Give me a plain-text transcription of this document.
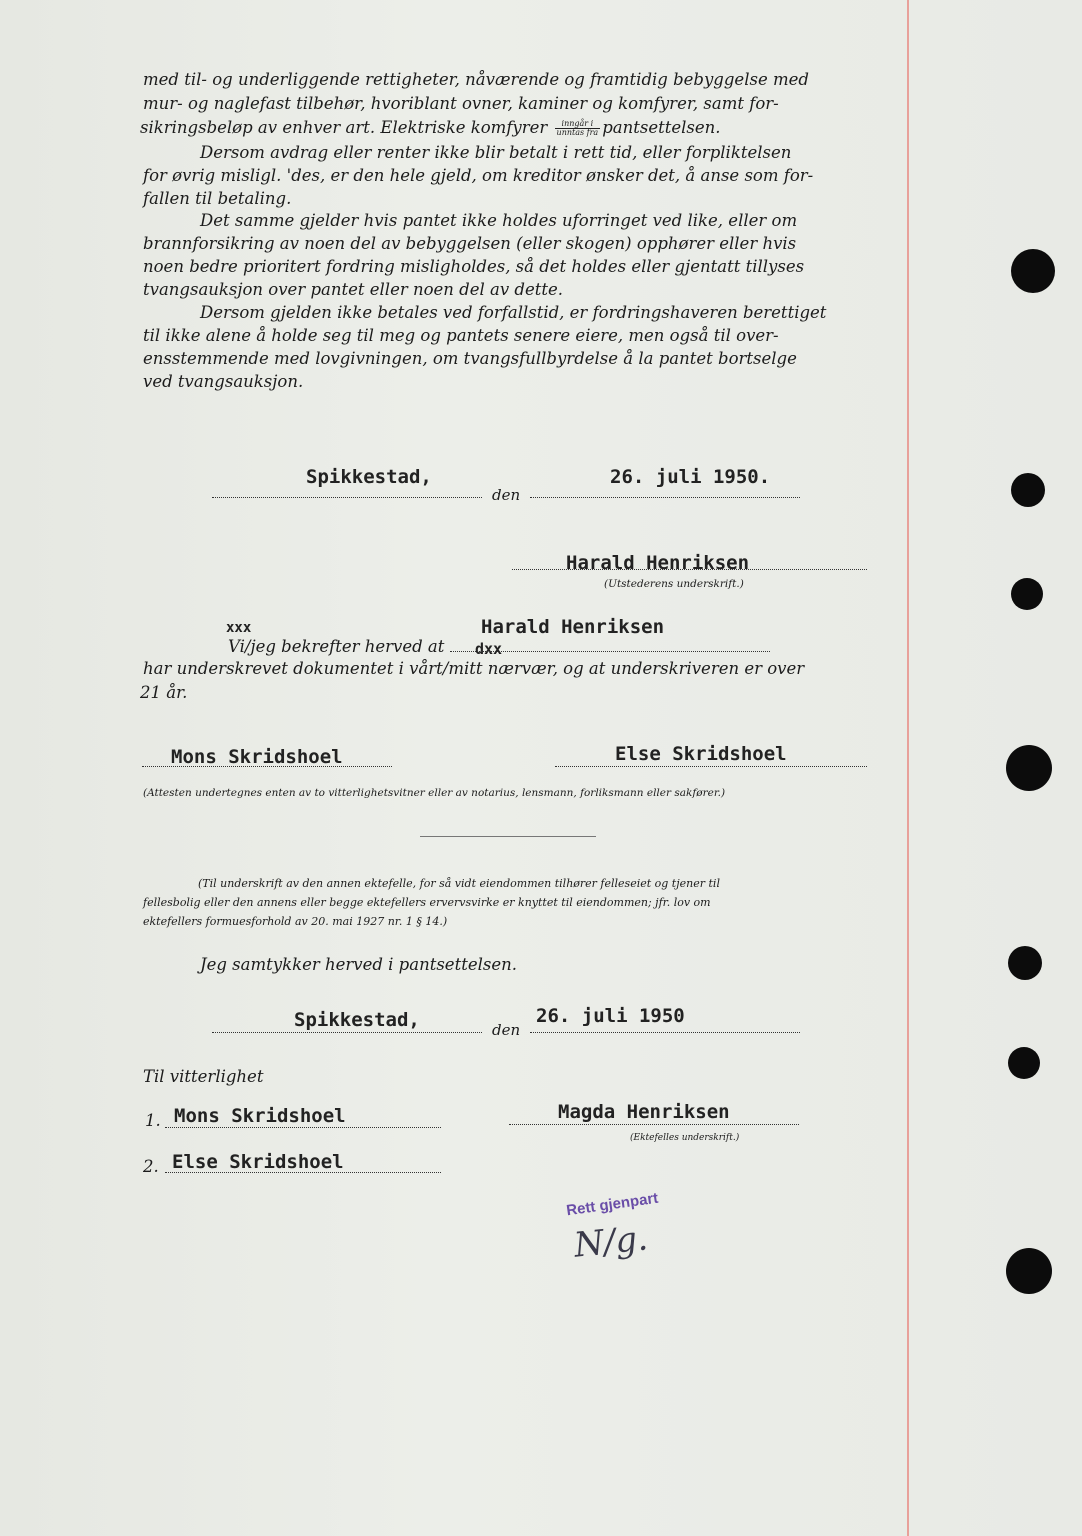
med til- og underliggende rettigheter, nåværende og framtidig bebyggelse med
mur- og naglefast tilbehør, hvoriblant ovner, kaminer og komfyrer, samt for-
sikringsbeløp av enhver art. Elektriske komfyrer $\frac{\text{inngår i}}{\text{unntas fra}}$ pantsettelsen.
Dersom avdrag eller renter ikke blir betalt i rett tid, eller forpliktelsen
for øvrig misligl. 'des, er den hele gjeld, om kreditor ønsker det, å anse som for-
fallen til betaling.
Det samme gjelder hvis pantet ikke holdes uforringet ved like, eller om
brannforsikring av noen del av bebyggelsen (eller skogen) opphører eller hvis
noen bedre prioritert fordring misligholdes, så det holdes eller gjentatt tillyses
tvangsauksjon over pantet eller noen del av dette.
Dersom gjelden ikke betales ved forfallstid, er fordringshaveren berettiget
til ikke alene å holde seg til meg og pantets senere eiere, men også til over-
ensstemmende med lovgivningen, om tvangsfullbyrdelse å la pantet bortselge
ved tvangsauksjon.
Spikkestad,
den
26. juli 1950.
Harald Henriksen
(Utstederens underskrift.)
xxx
Vi/jeg bekrefter herved at
Harald Henriksen
dxx
har underskrevet dokumentet i vårt/mitt nærvær, og at underskriveren er over
21 år.
Mons Skridshoel	Else Skridshoel
(Attesten undertegnes enten av to vitterlighetsvitner eller av notarius, lensmann, forliksmann eller sakfører.)
(Til underskrift av den annen ektefelle, for så vidt eiendommen tilhører felleseiet og tjener til
fellesbolig eller den annens eller begge ektefellers ervervsvirke er knyttet til eiendommen; jfr. lov om
ektefellers formuesforhold av 20. mai 1927 nr. 1 § 14.)
Jeg samtykker herved i pantsettelsen.
Spikkestad,	den
26. juli 1950
Til vitterlighet
1. Mons Skridshoel
2. Else Skridshoel
Magda Henriksen
(Ektefelles underskrift.)
Rett gjenpart
N/g.
